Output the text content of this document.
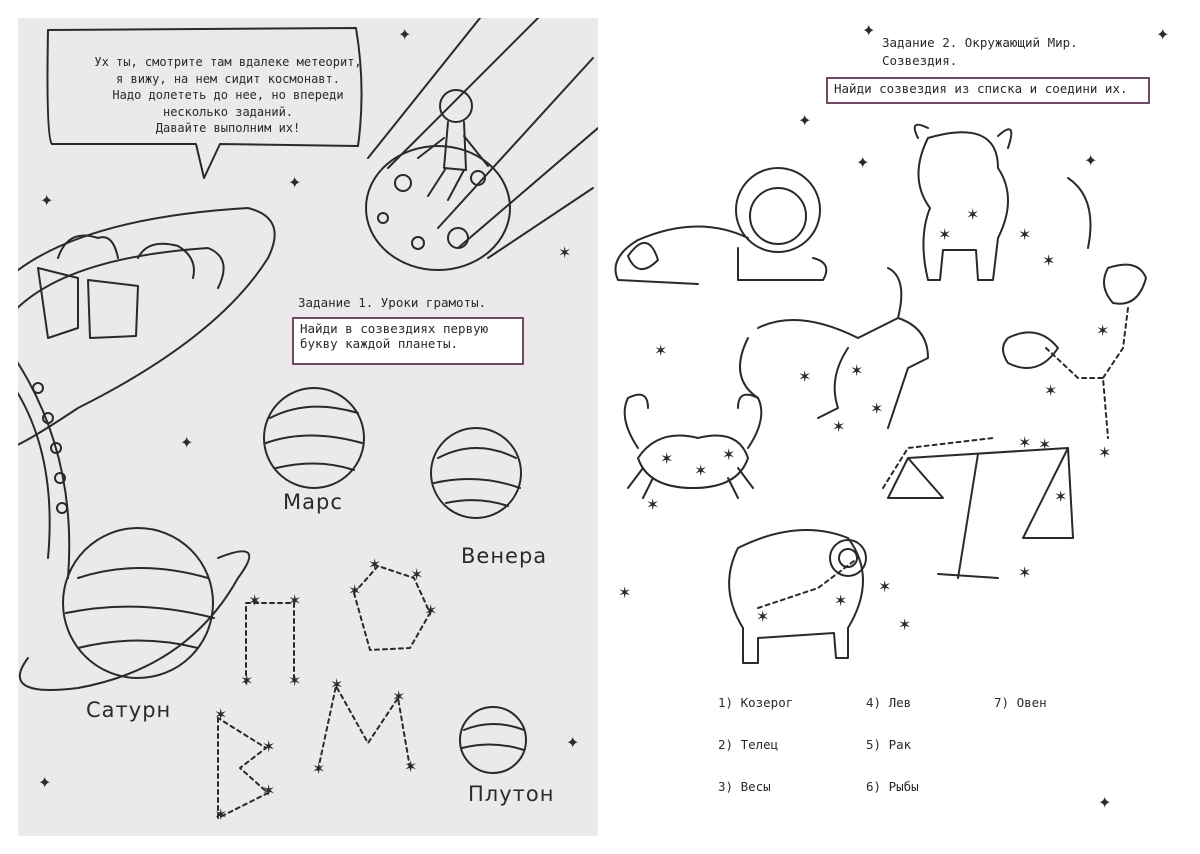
✦
✦
✦
✦
✦
✦
✶ ✶
✶ ✶
✶
✶
✶
✶
✶
✶
✶
✶
✶
✶
✶
✶
✶
Ух ты, смотрите там вдалеке метеорит,
я вижу, на нем сидит космонавт.
Надо долететь до нее, но впереди
несколько заданий.
Давайте выполним их!
Задание 1. Уроки грамоты.
Найди в созвездиях первую
букву каждой планеты.
Марс
Венера
Сатурн
Плутон
✦	✦
✦
✦
✦
✶
✶
✶
✦
✶
✶
✶
✶
✶
✶
✶
✶
✶
✶
✶
✶
✶
✶
✶
✶
✶
✶
✶
✶
✶
✶
Задание 2. Окружающий Мир.
Созвездия.
Найди созвездия из списка и соедини их.
1) Козерог
2) Телец
3) Весы
4) Лев
5) Рак
6) Рыбы
7) Овен
